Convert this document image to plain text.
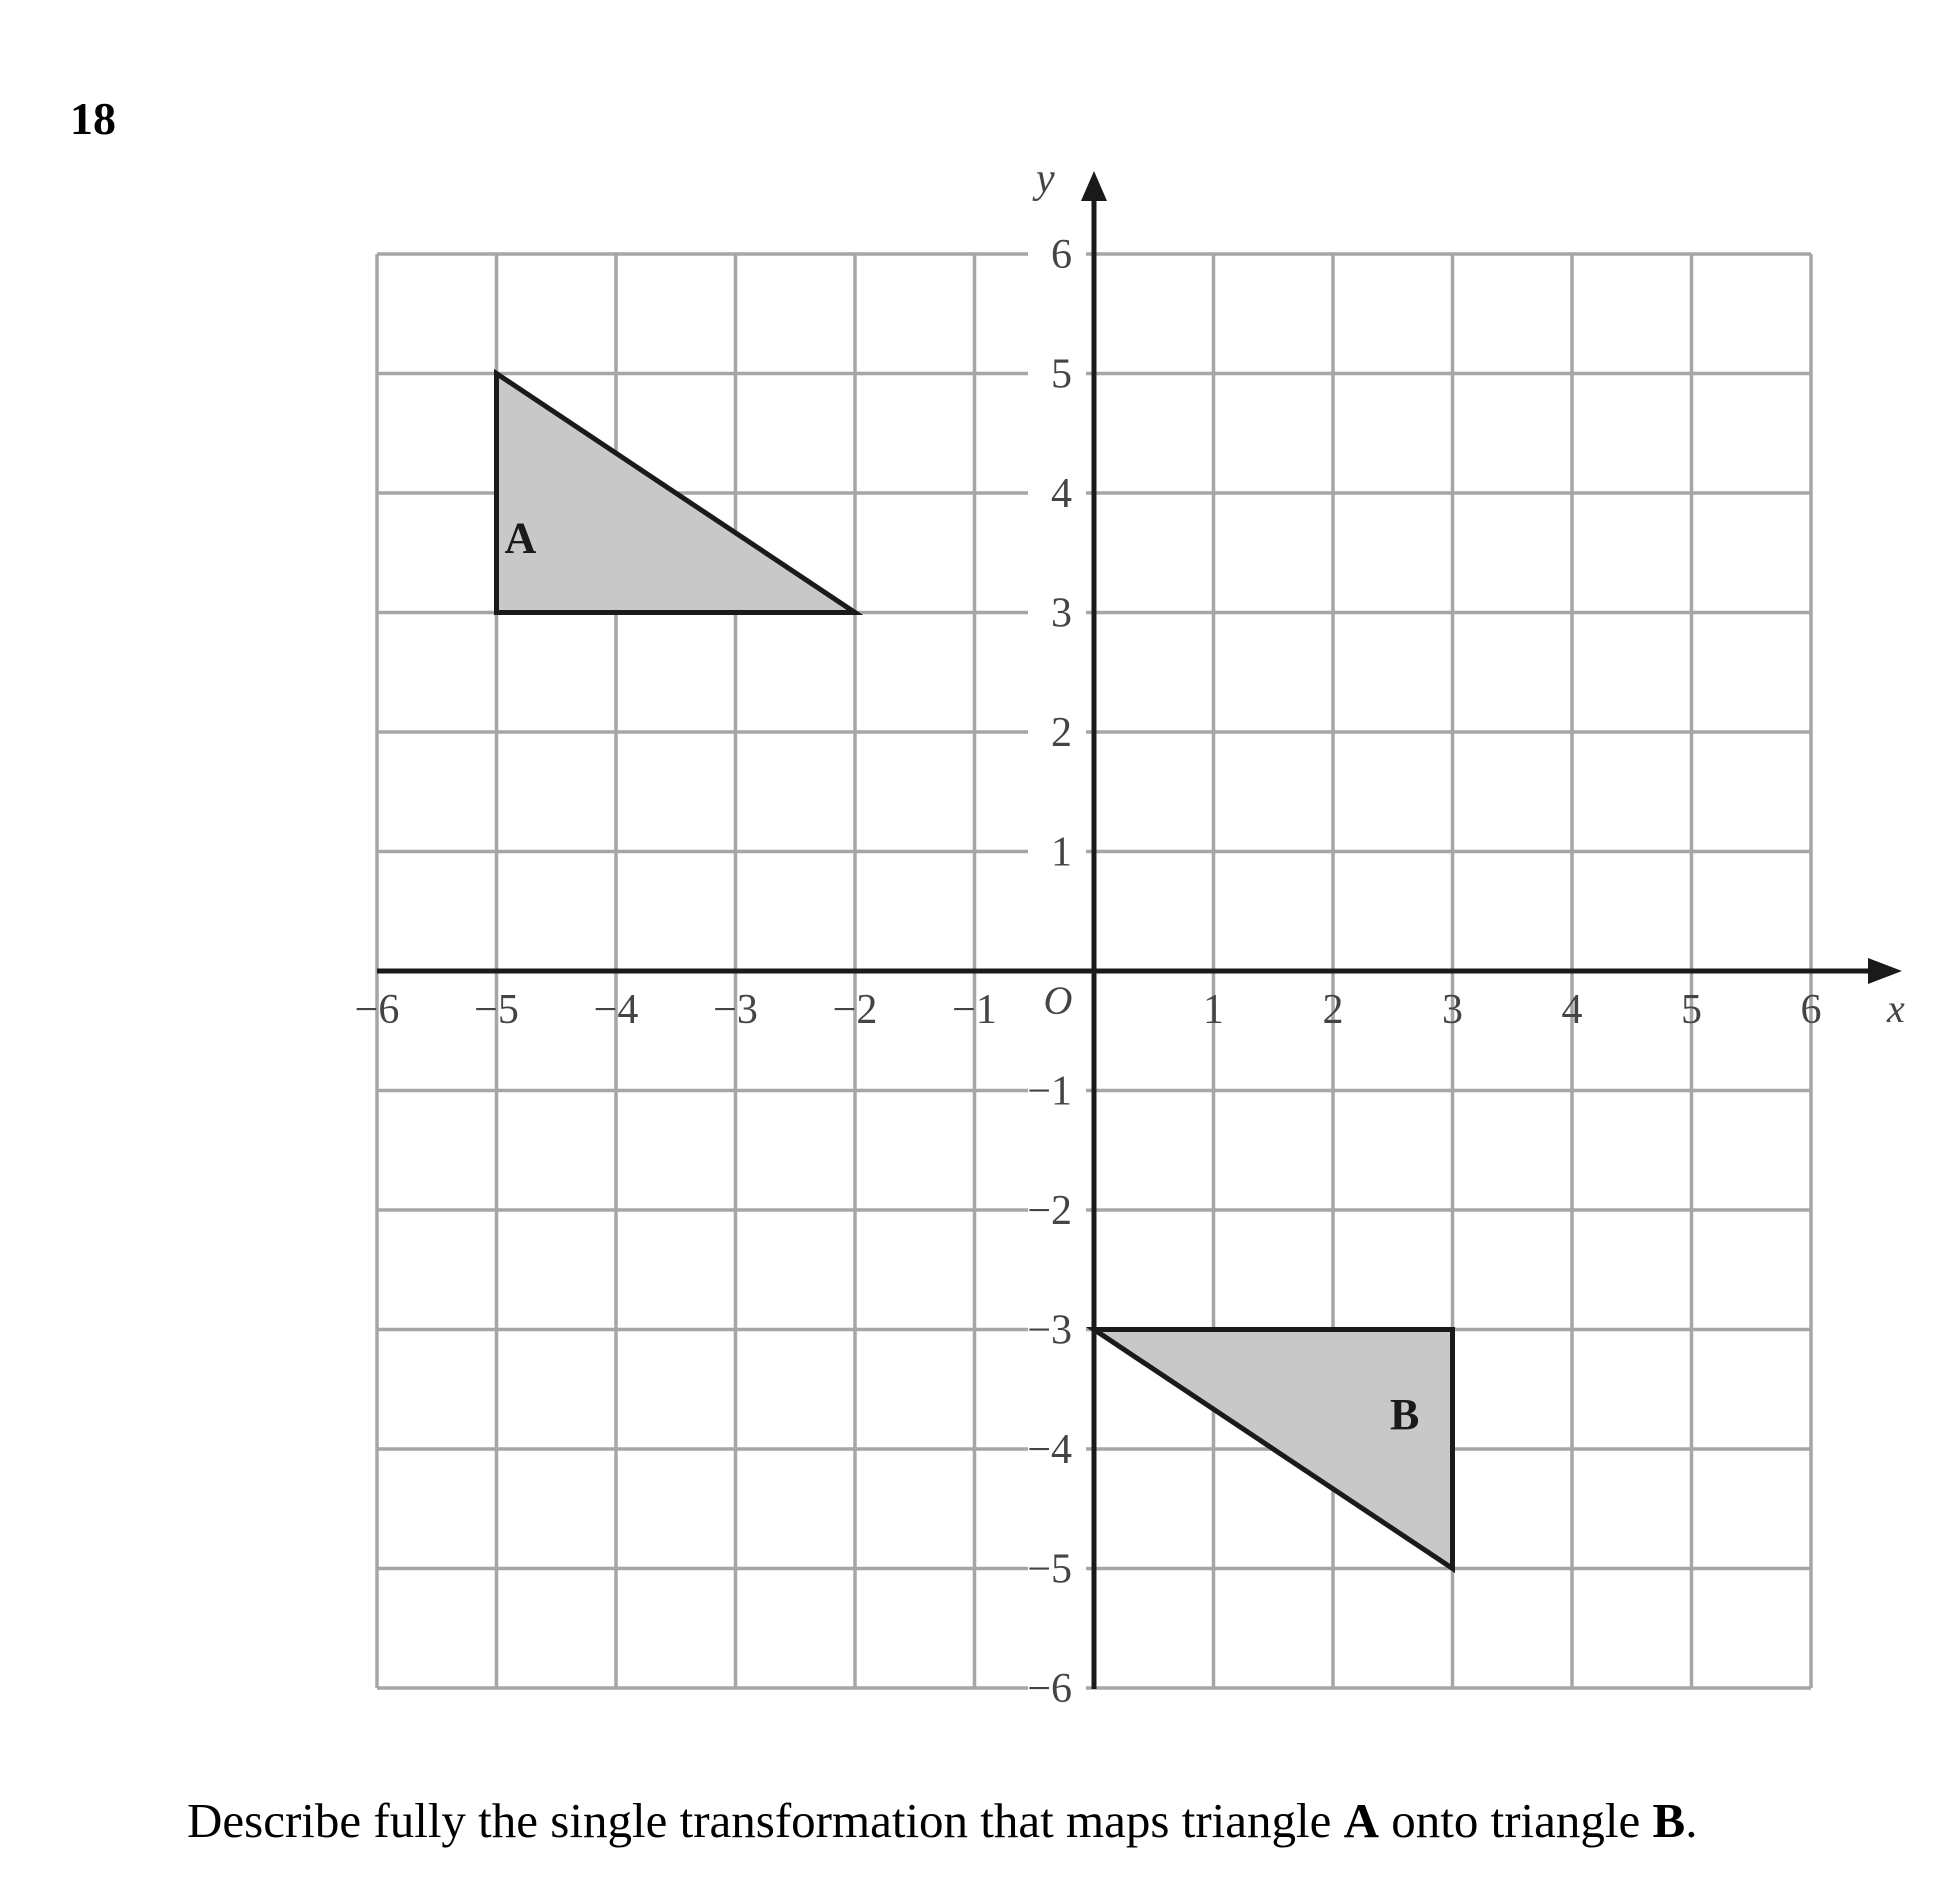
18
A
B
x
y
O
−6 −5 −4 −3 −2 −1	1 2 3 4 5 6
−6
−5
−4
−3
−2
−1
1
2
3
4
5
6
Describe fully the single transformation that maps triangle A onto triangle B.
